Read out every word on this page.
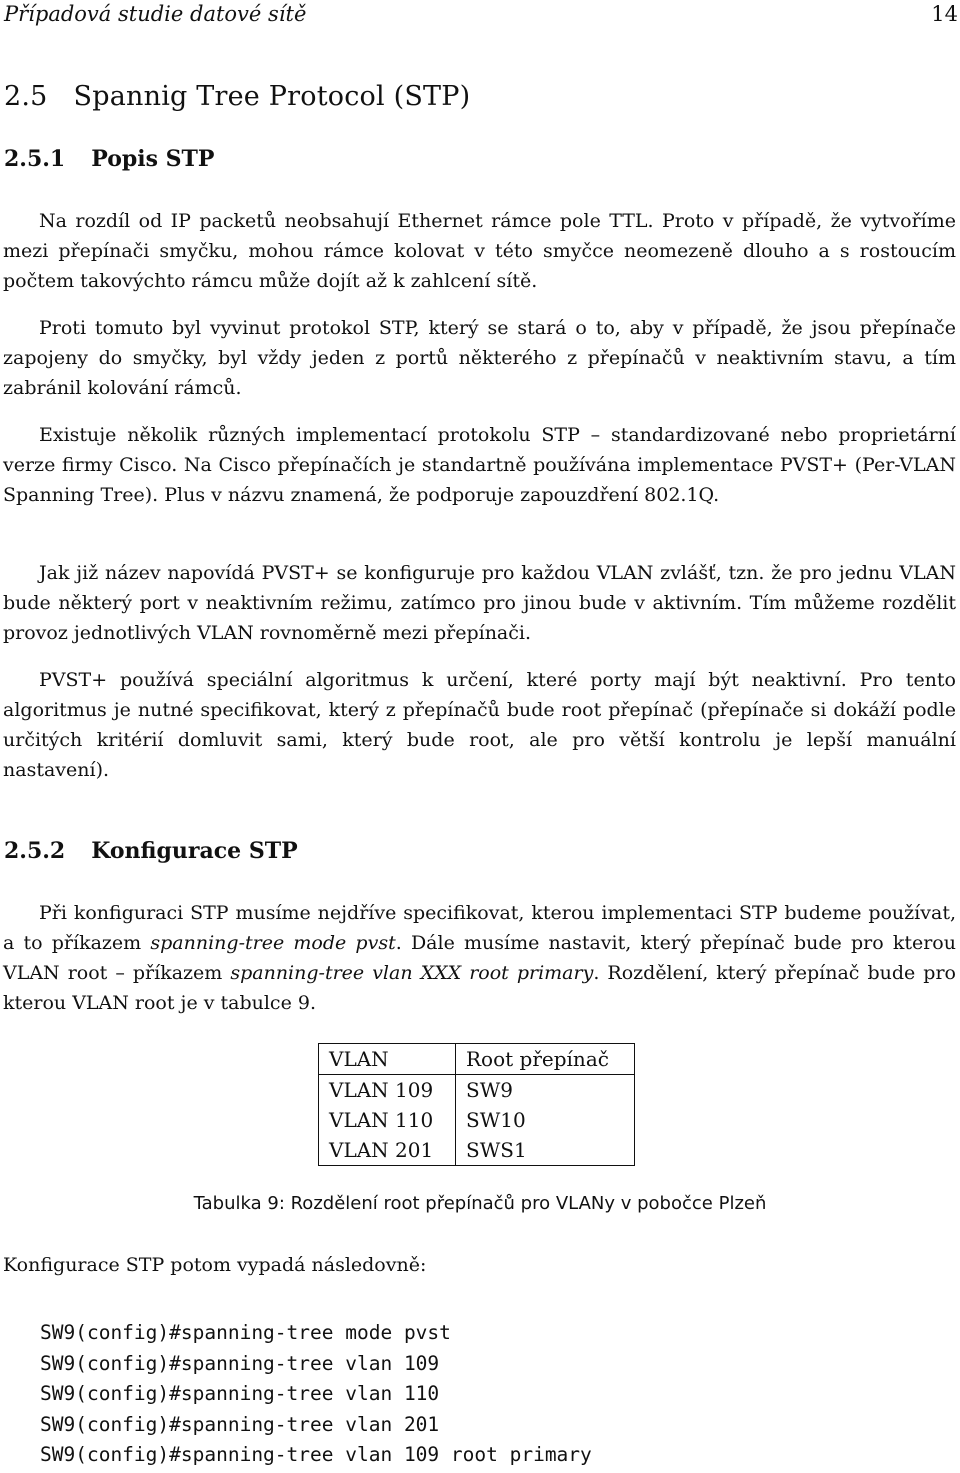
Případová studie datové sítě	14
2.5 Spannig Tree Protocol (STP)
2.5.1 Popis STP

Na rozdíl od IP packetů neobsahují Ethernet rámce pole TTL. Proto v případě, že vytvoříme mezi přepínači smyčku, mohou rámce kolovat v této smyčce neomezeně dlouho a s rostoucím počtem takovýchto rámcu může dojít až k zahlcení sítě.

Proti tomuto byl vyvinut protokol STP, který se stará o to, aby v případě, že jsou přepínače zapojeny do smyčky, byl vždy jeden z portů některého z přepínačů v neaktivním stavu, a tím zabránil kolování rámců.

Existuje několik různých implementací protokolu STP – standardizované nebo proprietární verze firmy Cisco. Na Cisco přepínačích je standartně používána implementace PVST+ (Per-VLAN Spanning Tree). Plus v názvu znamená, že podporuje zapouzdření 802.1Q.

Jak již název napovídá PVST+ se konfiguruje pro každou VLAN zvlášť, tzn. že pro jednu VLAN bude některý port v neaktivním režimu, zatímco pro jinou bude v aktivním. Tím můžeme rozdělit provoz jednotlivých VLAN rovnoměrně mezi přepínači.

PVST+ používá speciální algoritmus k určení, které porty mají být neaktivní. Pro tento algoritmus je nutné specifikovat, který z přepínačů bude root přepínač (přepínače si dokáží podle určitých kritérií domluvit sami, který bude root, ale pro větší kontrolu je lepší manuální nastavení).

2.5.2 Konfigurace STP

Při konfiguraci STP musíme nejdříve specifikovat, kterou implementaci STP budeme používat, a to příkazem spanning-tree mode pvst. Dále musíme nastavit, který přepínač bude pro kterou VLAN root – příkazem spanning-tree vlan XXX root primary. Rozdělení, který přepínač bude pro kterou VLAN root je v tabulce 9.

VLAN	Root přepínač
VLAN 109	SW9
VLAN 110	SW10
VLAN 201	SWS1
Tabulka 9: Rozdělení root přepínačů pro VLANy v pobočce Plzeň

Konfigurace STP potom vypadá následovně:

SW9(config)#spanning-tree mode pvst
SW9(config)#spanning-tree vlan 109
SW9(config)#spanning-tree vlan 110
SW9(config)#spanning-tree vlan 201
SW9(config)#spanning-tree vlan 109 root primary
